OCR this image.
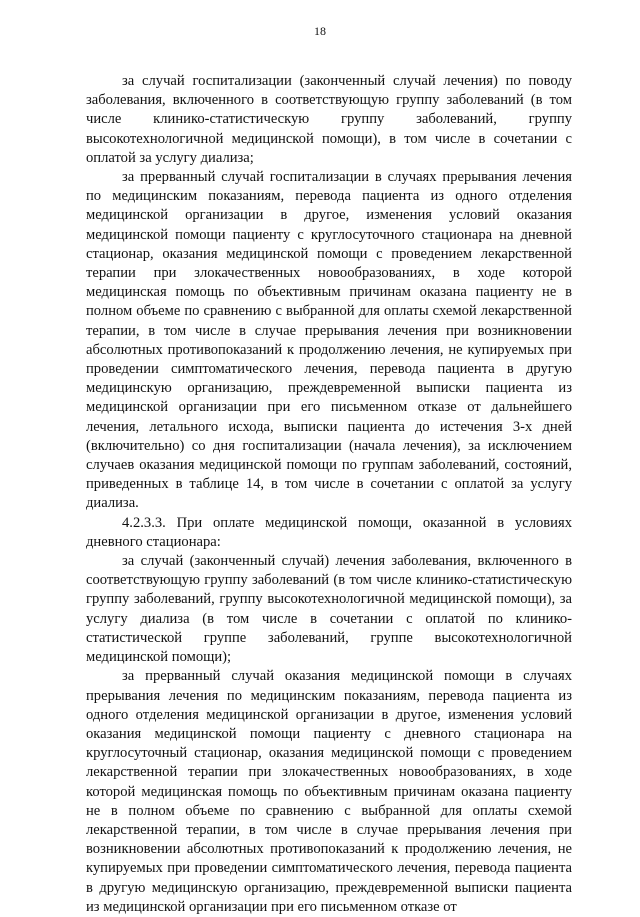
18

за случай госпитализации (законченный случай лечения) по поводу заболевания, включенного в соответствующую группу заболеваний (в том числе клинико-статистическую группу заболеваний, группу высокотехнологичной медицинской помощи), в том числе в сочетании с оплатой за услугу диализа;

за прерванный случай госпитализации в случаях прерывания лечения по медицинским показаниям, перевода пациента из одного отделения медицинской организации в другое, изменения условий оказания медицинской помощи пациенту с круглосуточного стационара на дневной стационар, оказания медицинской помощи с проведением лекарственной терапии при злокачественных новообразованиях, в ходе которой медицинская помощь по объективным причинам оказана пациенту не в полном объеме по сравнению с выбранной для оплаты схемой лекарственной терапии, в том числе в случае прерывания лечения при возникновении абсолютных противопоказаний к продолжению лечения, не купируемых при проведении симптоматического лечения, перевода пациента в другую медицинскую организацию, преждевременной выписки пациента из медицинской организации при его письменном отказе от дальнейшего лечения, летального исхода, выписки пациента до истечения 3-х дней (включительно) со дня госпитализации (начала лечения), за исключением случаев оказания медицинской помощи по группам заболеваний, состояний, приведенных в таблице 14, в том числе в сочетании с оплатой за услугу диализа.

4.2.3.3. При оплате медицинской помощи, оказанной в условиях дневного стационара:

за случай (законченный случай) лечения заболевания, включенного в соответствующую группу заболеваний (в том числе клинико-статистическую группу заболеваний, группу высокотехнологичной медицинской помощи), за услугу диализа (в том числе в сочетании с оплатой по клинико-статистической группе заболеваний, группе высокотехнологичной медицинской помощи);

за прерванный случай оказания медицинской помощи в случаях прерывания лечения по медицинским показаниям, перевода пациента из одного отделения медицинской организации в другое, изменения условий оказания медицинской помощи пациенту с дневного стационара на круглосуточный стационар, оказания медицинской помощи с проведением лекарственной терапии при злокачественных новообразованиях, в ходе которой медицинская помощь по объективным причинам оказана пациенту не в полном объеме по сравнению с выбранной для оплаты схемой лекарственной терапии, в том числе в случае прерывания лечения при возникновении абсолютных противопоказаний к продолжению лечения, не купируемых при проведении симптоматического лечения, перевода пациента в другую медицинскую организацию, преждевременной выписки пациента из медицинской организации при его письменном отказе от
